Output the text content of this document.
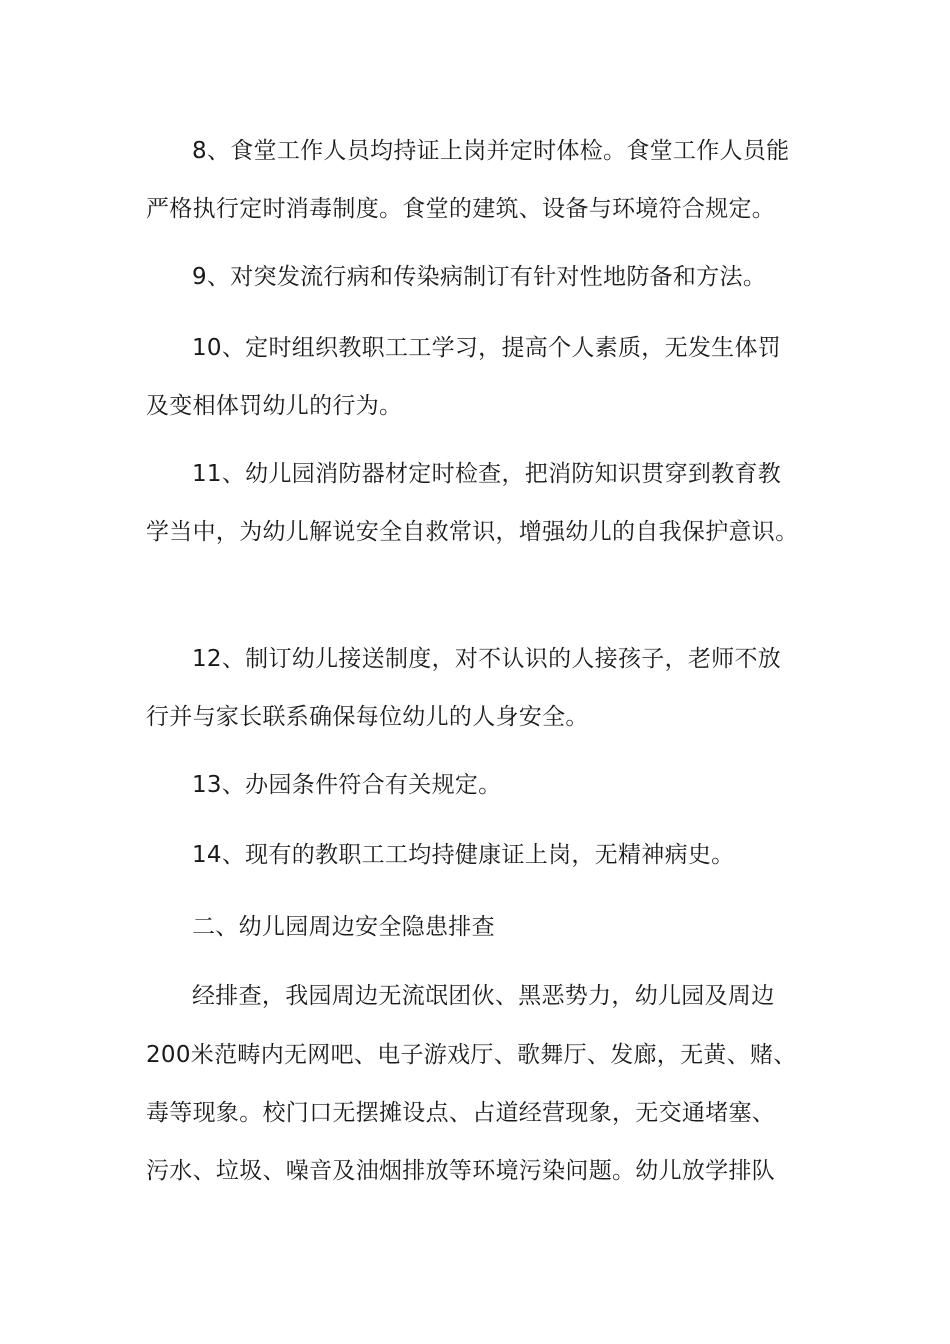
8、食堂工作人员均持证上岗并定时体检。食堂工作人员能
严格执行定时消毒制度。食堂的建筑、设备与环境符合规定。
9、对突发流行病和传染病制订有针对性地防备和方法。
10、定时组织教职工工学习，提高个人素质，无发生体罚
及变相体罚幼儿的行为。
11、幼儿园消防器材定时检查，把消防知识贯穿到教育教
学当中，为幼儿解说安全自救常识，增强幼儿的自我保护意识。
12、制订幼儿接送制度，对不认识的人接孩子，老师不放
行并与家长联系确保每位幼儿的人身安全。
13、办园条件符合有关规定。
14、现有的教职工工均持健康证上岗，无精神病史。
二、幼儿园周边安全隐患排查
经排查，我园周边无流氓团伙、黑恶势力，幼儿园及周边
200米范畴内无网吧、电子游戏厅、歌舞厅、发廊，无黄、赌、
毒等现象。校门口无摆摊设点、占道经营现象，无交通堵塞、
污水、垃圾、噪音及油烟排放等环境污染问题。幼儿放学排队
